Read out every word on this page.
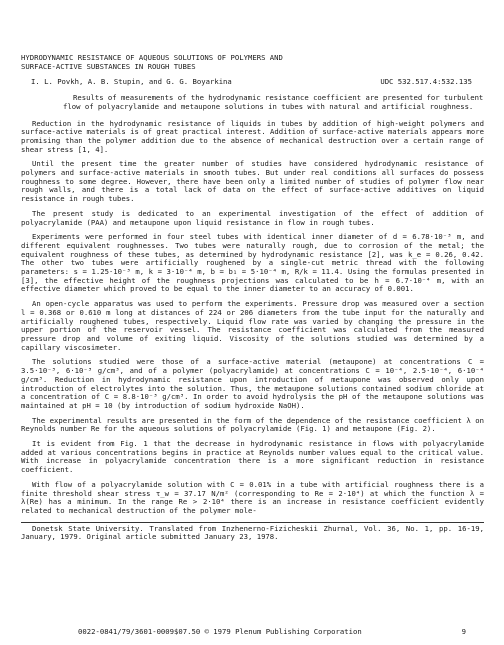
HYDRODYNAMIC RESISTANCE OF AQUEOUS SOLUTIONS OF POLYMERS AND
SURFACE-ACTIVE SUBSTANCES IN ROUGH TUBES
I. L. Povkh, A. B. Stupin, and G. G. Boyarkina	UDC 532.517.4:532.135

Results of measurements of the hydrodynamic resistance coefficient are presented for turbulent flow of polyacrylamide and metaupone solutions in tubes with natural and artificial roughness.

Reduction in the hydrodynamic resistance of liquids in tubes by addition of high-weight polymers and surface-active materials is of great practical interest. Addition of surface-active materials appears more promising than the polymer addition due to the absence of mechanical destruction over a certain range of shear stress [1, 4].

Until the present time the greater number of studies have considered hydrodynamic resistance of polymers and surface-active materials in smooth tubes. But under real conditions all surfaces do possess roughness to some degree. However, there have been only a limited number of studies of polymer flow near rough walls, and there is a total lack of data on the effect of surface-active additives on liquid resistance in rough tubes.

The present study is dedicated to an experimental investigation of the effect of addition of polyacrylamide (PAA) and metaupone upon liquid resistance in flow in rough tubes.

Experiments were performed in four steel tubes with identical inner diameter of d = 6.78·10⁻³ m, and different equivalent roughnesses. Two tubes were naturally rough, due to corrosion of the metal; the equivalent roughness of these tubes, as determined by hydrodynamic resistance [2], was k_e = 0.26, 0.42. The other two tubes were artificially roughened by a single-cut metric thread with the following parameters: s = 1.25·10⁻³ m, k = 3·10⁻⁴ m, b = b₁ = 5·10⁻⁴ m, R/k = 11.4. Using the formulas presented in [3], the effective height of the roughness projections was calculated to be h = 6.7·10⁻⁴ m, with an effective diameter which proved to be equal to the inner diameter to an accuracy of 0.001.

An open-cycle apparatus was used to perform the experiments. Pressure drop was measured over a section l = 0.368 or 0.610 m long at distances of 224 or 206 diameters from the tube input for the naturally and artificially roughened tubes, respectively. Liquid flow rate was varied by changing the pressure in the upper portion of the reservoir vessel. The resistance coefficient was calculated from the measured pressure drop and volume of exiting liquid. Viscosity of the solutions studied was determined by a capillary viscosimeter.

The solutions studied were those of a surface-active material (metaupone) at concentrations C = 3.5·10⁻³, 6·10⁻³ g/cm³, and of a polymer (polyacrylamide) at concentrations C = 10⁻⁴, 2.5·10⁻⁴, 6·10⁻⁴ g/cm³. Reduction in hydrodynamic resistance upon introduction of metaupone was observed only upon introduction of electrolytes into the solution. Thus, the metaupone solutions contained sodium chloride at a concentration of C = 8.8·10⁻³ g/cm³. In order to avoid hydrolysis the pH of the metaupone solutions was maintained at pH = 10 (by introduction of sodium hydroxide NaOH).

The experimental results are presented in the form of the dependence of the resistance coefficient λ on Reynolds number Re for the aqueous solutions of polyacrylamide (Fig. 1) and metaupone (Fig. 2).

It is evident from Fig. 1 that the decrease in hydrodynamic resistance in flows with polyacrylamide added at various concentrations begins in practice at Reynolds number values equal to the critical value. With increase in polyacrylamide concentration there is a more significant reduction in resistance coefficient.

With flow of a polyacrylamide solution with C = 0.01% in a tube with artificial roughness there is a finite threshold shear stress τ_w = 37.17 N/m² (corresponding to Re = 2·10⁴) at which the function λ = λ(Re) has a minimum. In the range Re > 2·10⁴ there is an increase in resistance coefficient evidently related to mechanical destruction of the polymer mole-

Donetsk State University. Translated from Inzhenerno-Fizicheskii Zhurnal, Vol. 36, No. 1, pp. 16-19, January, 1979. Original article submitted January 23, 1978.

0022-0841/79/3601-0009$07.50 © 1979 Plenum Publishing Corporation	9
